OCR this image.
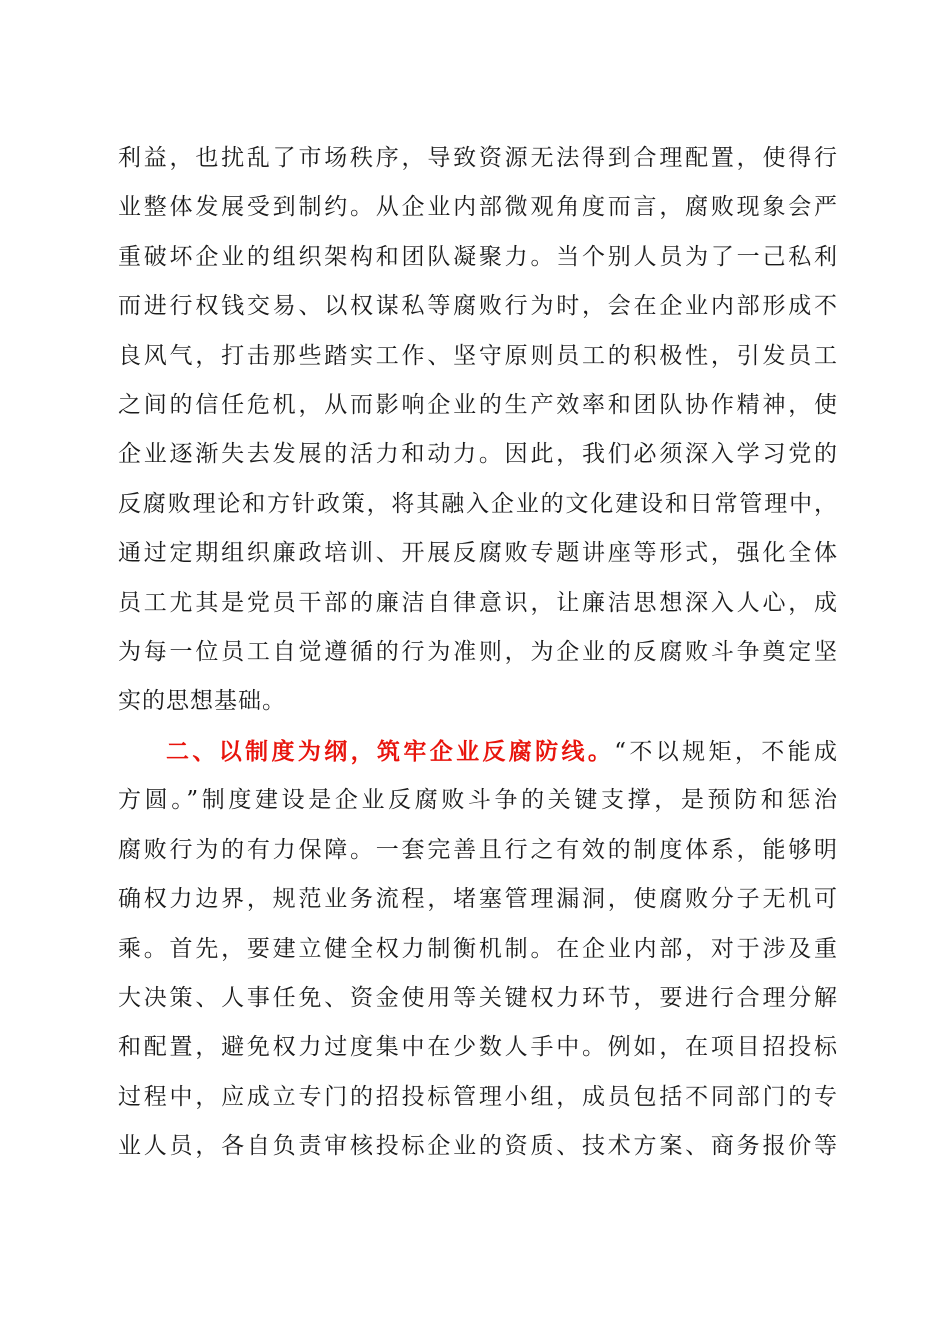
利益，也扰乱了市场秩序，导致资源无法得到合理配置，使得行
业整体发展受到制约。从企业内部微观角度而言，腐败现象会严
重破坏企业的组织架构和团队凝聚力。当个别人员为了一己私利
而进行权钱交易、以权谋私等腐败行为时，会在企业内部形成不
良风气，打击那些踏实工作、坚守原则员工的积极性，引发员工
之间的信任危机，从而影响企业的生产效率和团队协作精神，使
企业逐渐失去发展的活力和动力。因此，我们必须深入学习党的
反腐败理论和方针政策，将其融入企业的文化建设和日常管理中，
通过定期组织廉政培训、开展反腐败专题讲座等形式，强化全体
员工尤其是党员干部的廉洁自律意识，让廉洁思想深入人心，成
为每一位员工自觉遵循的行为准则，为企业的反腐败斗争奠定坚
实的思想基础。
二、以制度为纲，筑牢企业反腐防线。“不以规矩，不能成
方圆。”制度建设是企业反腐败斗争的关键支撑，是预防和惩治
腐败行为的有力保障。一套完善且行之有效的制度体系，能够明
确权力边界，规范业务流程，堵塞管理漏洞，使腐败分子无机可
乘。首先，要建立健全权力制衡机制。在企业内部，对于涉及重
大决策、人事任免、资金使用等关键权力环节，要进行合理分解
和配置，避免权力过度集中在少数人手中。例如，在项目招投标
过程中，应成立专门的招投标管理小组，成员包括不同部门的专
业人员，各自负责审核投标企业的资质、技术方案、商务报价等
